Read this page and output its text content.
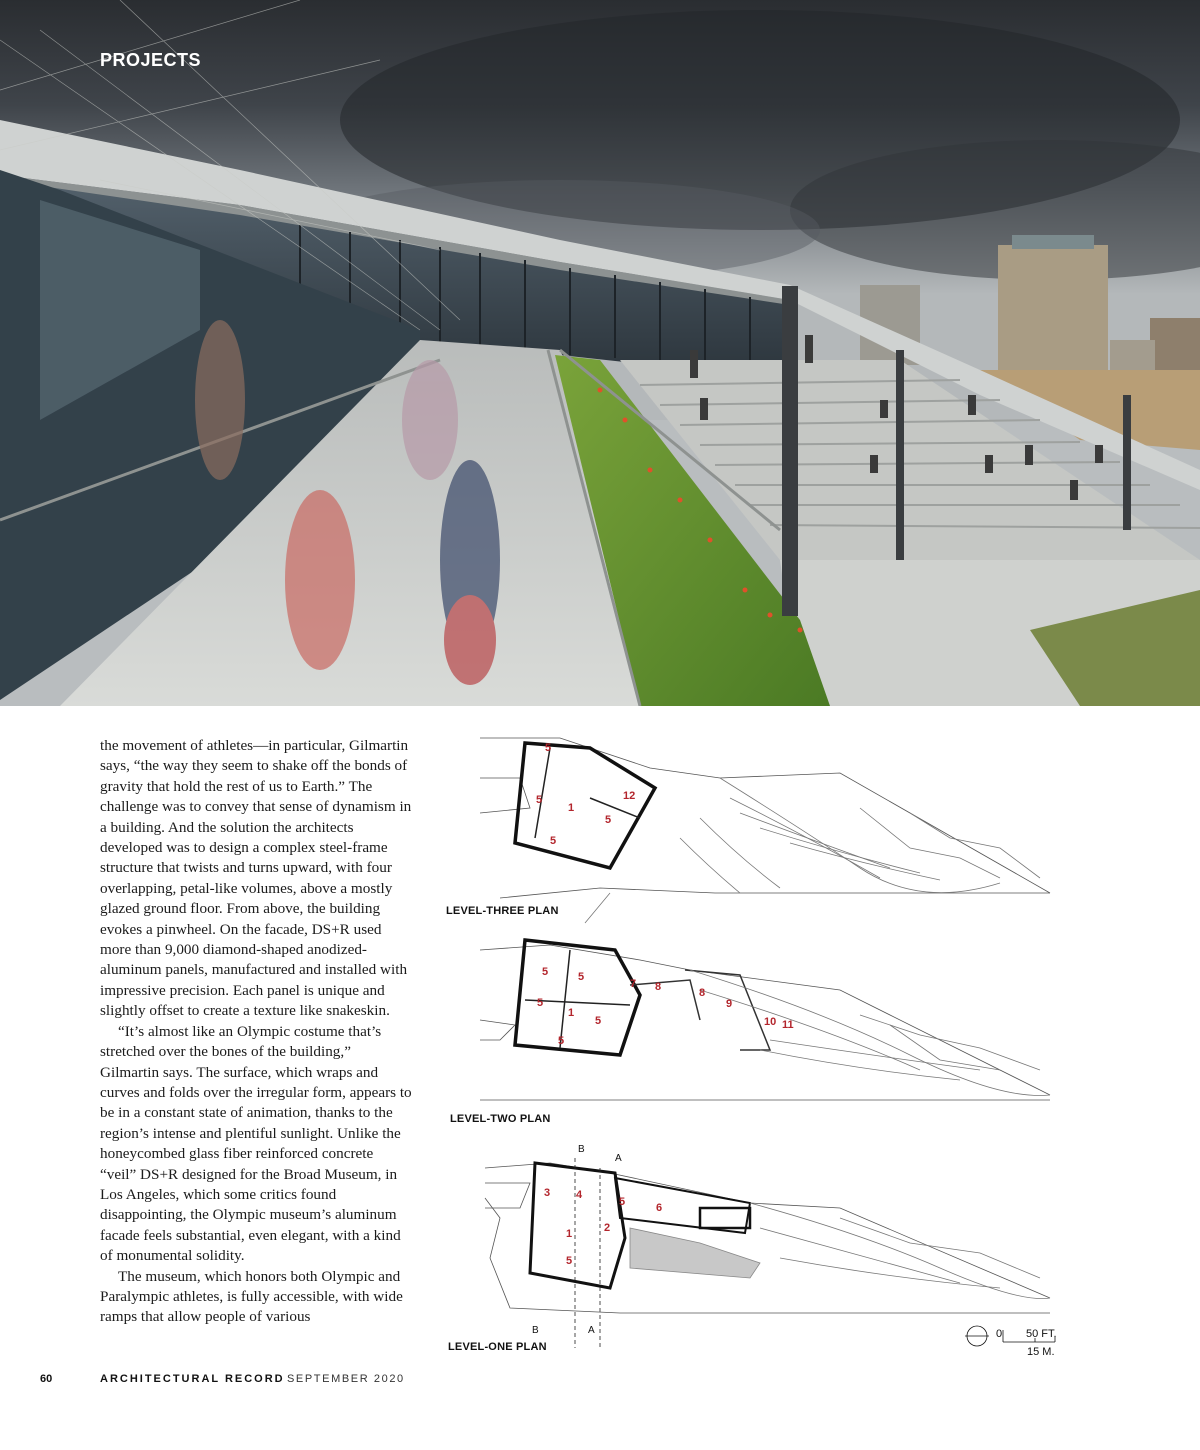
PROJECTS

the movement of athletes—in particular, Gilmartin says, “the way they seem to shake off the bonds of gravity that hold the rest of us to Earth.” The challenge was to convey that sense of dynamism in a building. And the solution the architects developed was to design a complex steel-frame structure that twists and turns upward, with four overlapping, petal-like volumes, above a mostly glazed ground floor. From above, the building evokes a pinwheel. On the facade, DS+R used more than 9,000 diamond-shaped anodized-aluminum panels, manufactured and installed with impressive precision. Each panel is unique and slightly offset to create a texture like snakeskin.

“It’s almost like an Olympic costume that’s stretched over the bones of the building,” Gilmartin says. The surface, which wraps and curves and folds over the irregular form, appears to be in a constant state of animation, thanks to the region’s intense and plentiful sunlight. Unlike the honeycombed glass fiber reinforced concrete “veil” DS+R designed for the Broad Museum, in Los Angeles, which some critics found disappointing, the Olympic museum’s aluminum facade feels substantial, even elegant, with a kind of monumental solidity.

The museum, which honors both Olympic and Paralympic athletes, is fully accessible, with wide ramps that allow people of various

5
5
1
5
5
12
5	5
5
1
5
5
7 8	8
9
10 11
3 4
5	6
2
1
5
B
A
B	A
LEVEL-THREE PLAN
LEVEL-TWO PLAN
LEVEL-ONE PLAN
0 50 FT.
15 M.
60	ARCHITECTURAL RECORD SEPTEMBER 2020
